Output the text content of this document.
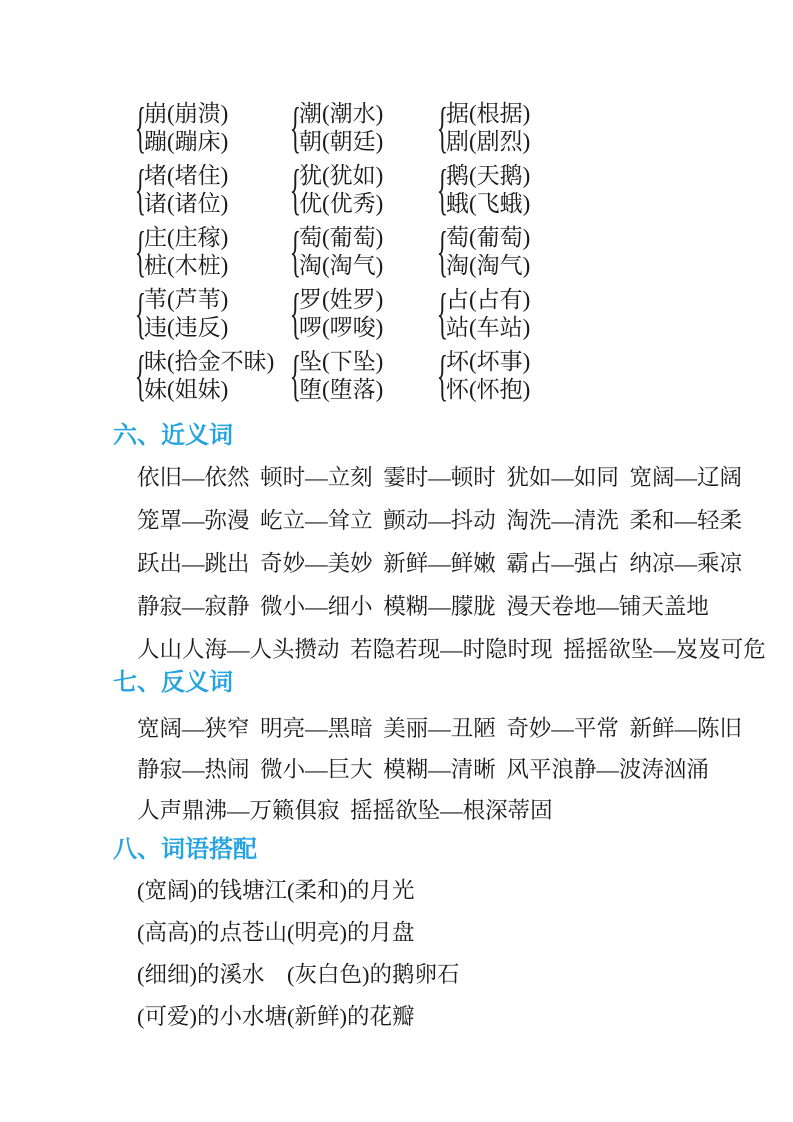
{
崩(崩溃)
蹦(蹦床) {
潮(潮水)
朝(朝廷) {
据(根据)
剧(剧烈)
{
堵(堵住)
诸(诸位) {
犹(犹如)
优(优秀) {
鹅(天鹅)
蛾(飞蛾)
{
庄(庄稼)
桩(木桩) {
萄(葡萄)
淘(淘气) {
萄(葡萄)
淘(淘气)
{
苇(芦苇)
违(违反) {
罗(姓罗)
啰(啰唆) {
占(占有)
站(车站)
{
昧(拾金不昧)
妹(姐妹)	{
坠(下坠)
堕(堕落) {
坏(坏事)
怀(怀抱)
六、近义词
依旧—依然 顿时—立刻 霎时—顿时 犹如—如同 宽阔—辽阔
笼罩—弥漫 屹立—耸立 颤动—抖动 淘洗—清洗 柔和—轻柔
跃出—跳出 奇妙—美妙 新鲜—鲜嫩 霸占—强占 纳凉—乘凉
静寂—寂静 微小—细小 模糊—朦胧 漫天卷地—铺天盖地
人山人海—人头攒动 若隐若现—时隐时现 摇摇欲坠—岌岌可危
七、反义词
宽阔—狭窄 明亮—黑暗 美丽—丑陋 奇妙—平常 新鲜—陈旧
静寂—热闹 微小—巨大 模糊—清晰 风平浪静—波涛汹涌
人声鼎沸—万籁俱寂 摇摇欲坠—根深蒂固
八、词语搭配
(宽阔)的钱塘江 (柔和)的月光
(高高)的点苍山 (明亮)的月盘
(细细)的溪水	(灰白色)的鹅卵石
(可爱)的小水塘 (新鲜)的花瓣
